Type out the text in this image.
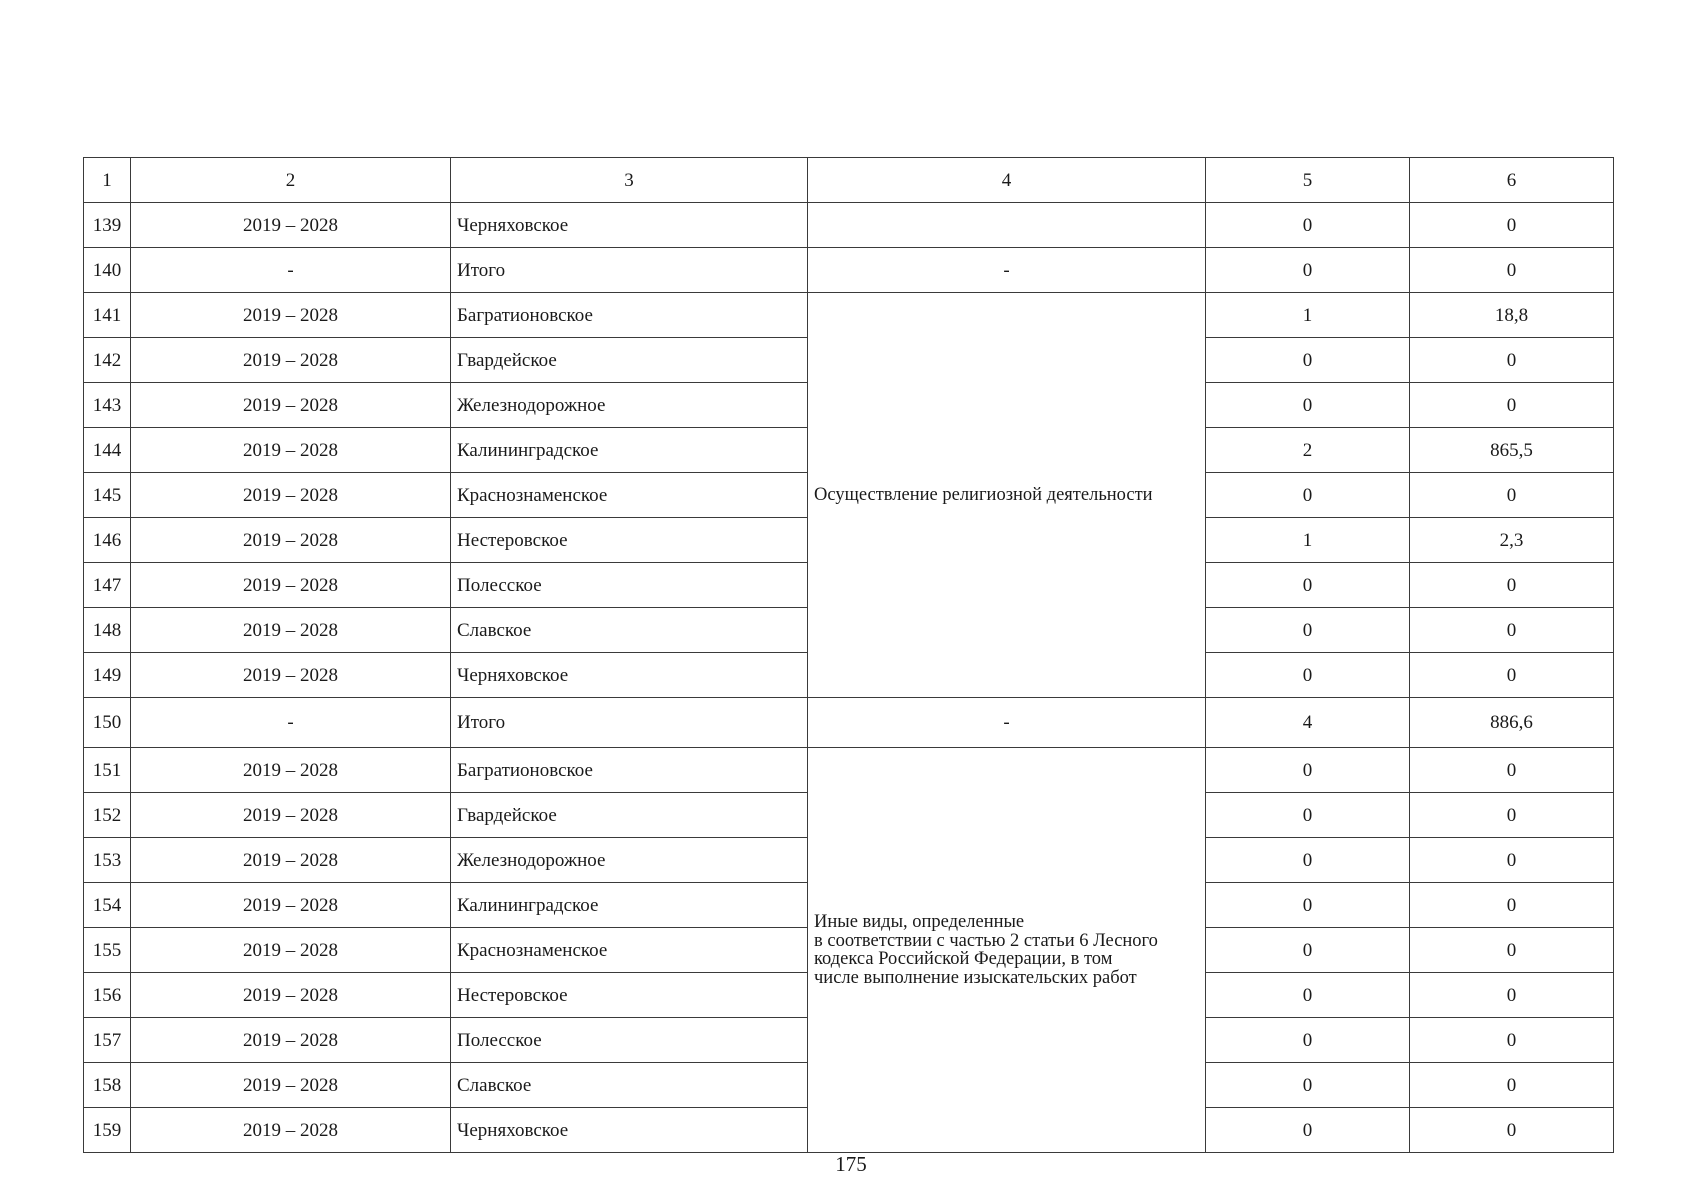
1	2	3	4	5	6
139	2019 – 2028	Черняховское		0	0
140	-	Итого	-	0	0
141	2019 – 2028	Багратионовское	Осуществление религиозной деятельности	1	18,8
142	2019 – 2028	Гвардейское		0	0
143	2019 – 2028	Железнодорожное		0	0
144	2019 – 2028	Калининградское		2	865,5
145	2019 – 2028	Краснознаменское		0	0
146	2019 – 2028	Нестеровское		1	2,3
147	2019 – 2028	Полесское		0	0
148	2019 – 2028	Славское		0	0
149	2019 – 2028	Черняховское		0	0
150	-	Итого	-	4	886,6
151	2019 – 2028	Багратионовское	Иные виды, определенные
в соответствии с частью 2 статьи 6 Лесного
кодекса Российской Федерации, в том
числе выполнение изыскательских работ	0	0
152	2019 – 2028	Гвардейское		0	0
153	2019 – 2028	Железнодорожное		0	0
154	2019 – 2028	Калининградское		0	0
155	2019 – 2028	Краснознаменское		0	0
156	2019 – 2028	Нестеровское		0	0
157	2019 – 2028	Полесское		0	0
158	2019 – 2028	Славское		0	0
159	2019 – 2028	Черняховское		0	0
175
